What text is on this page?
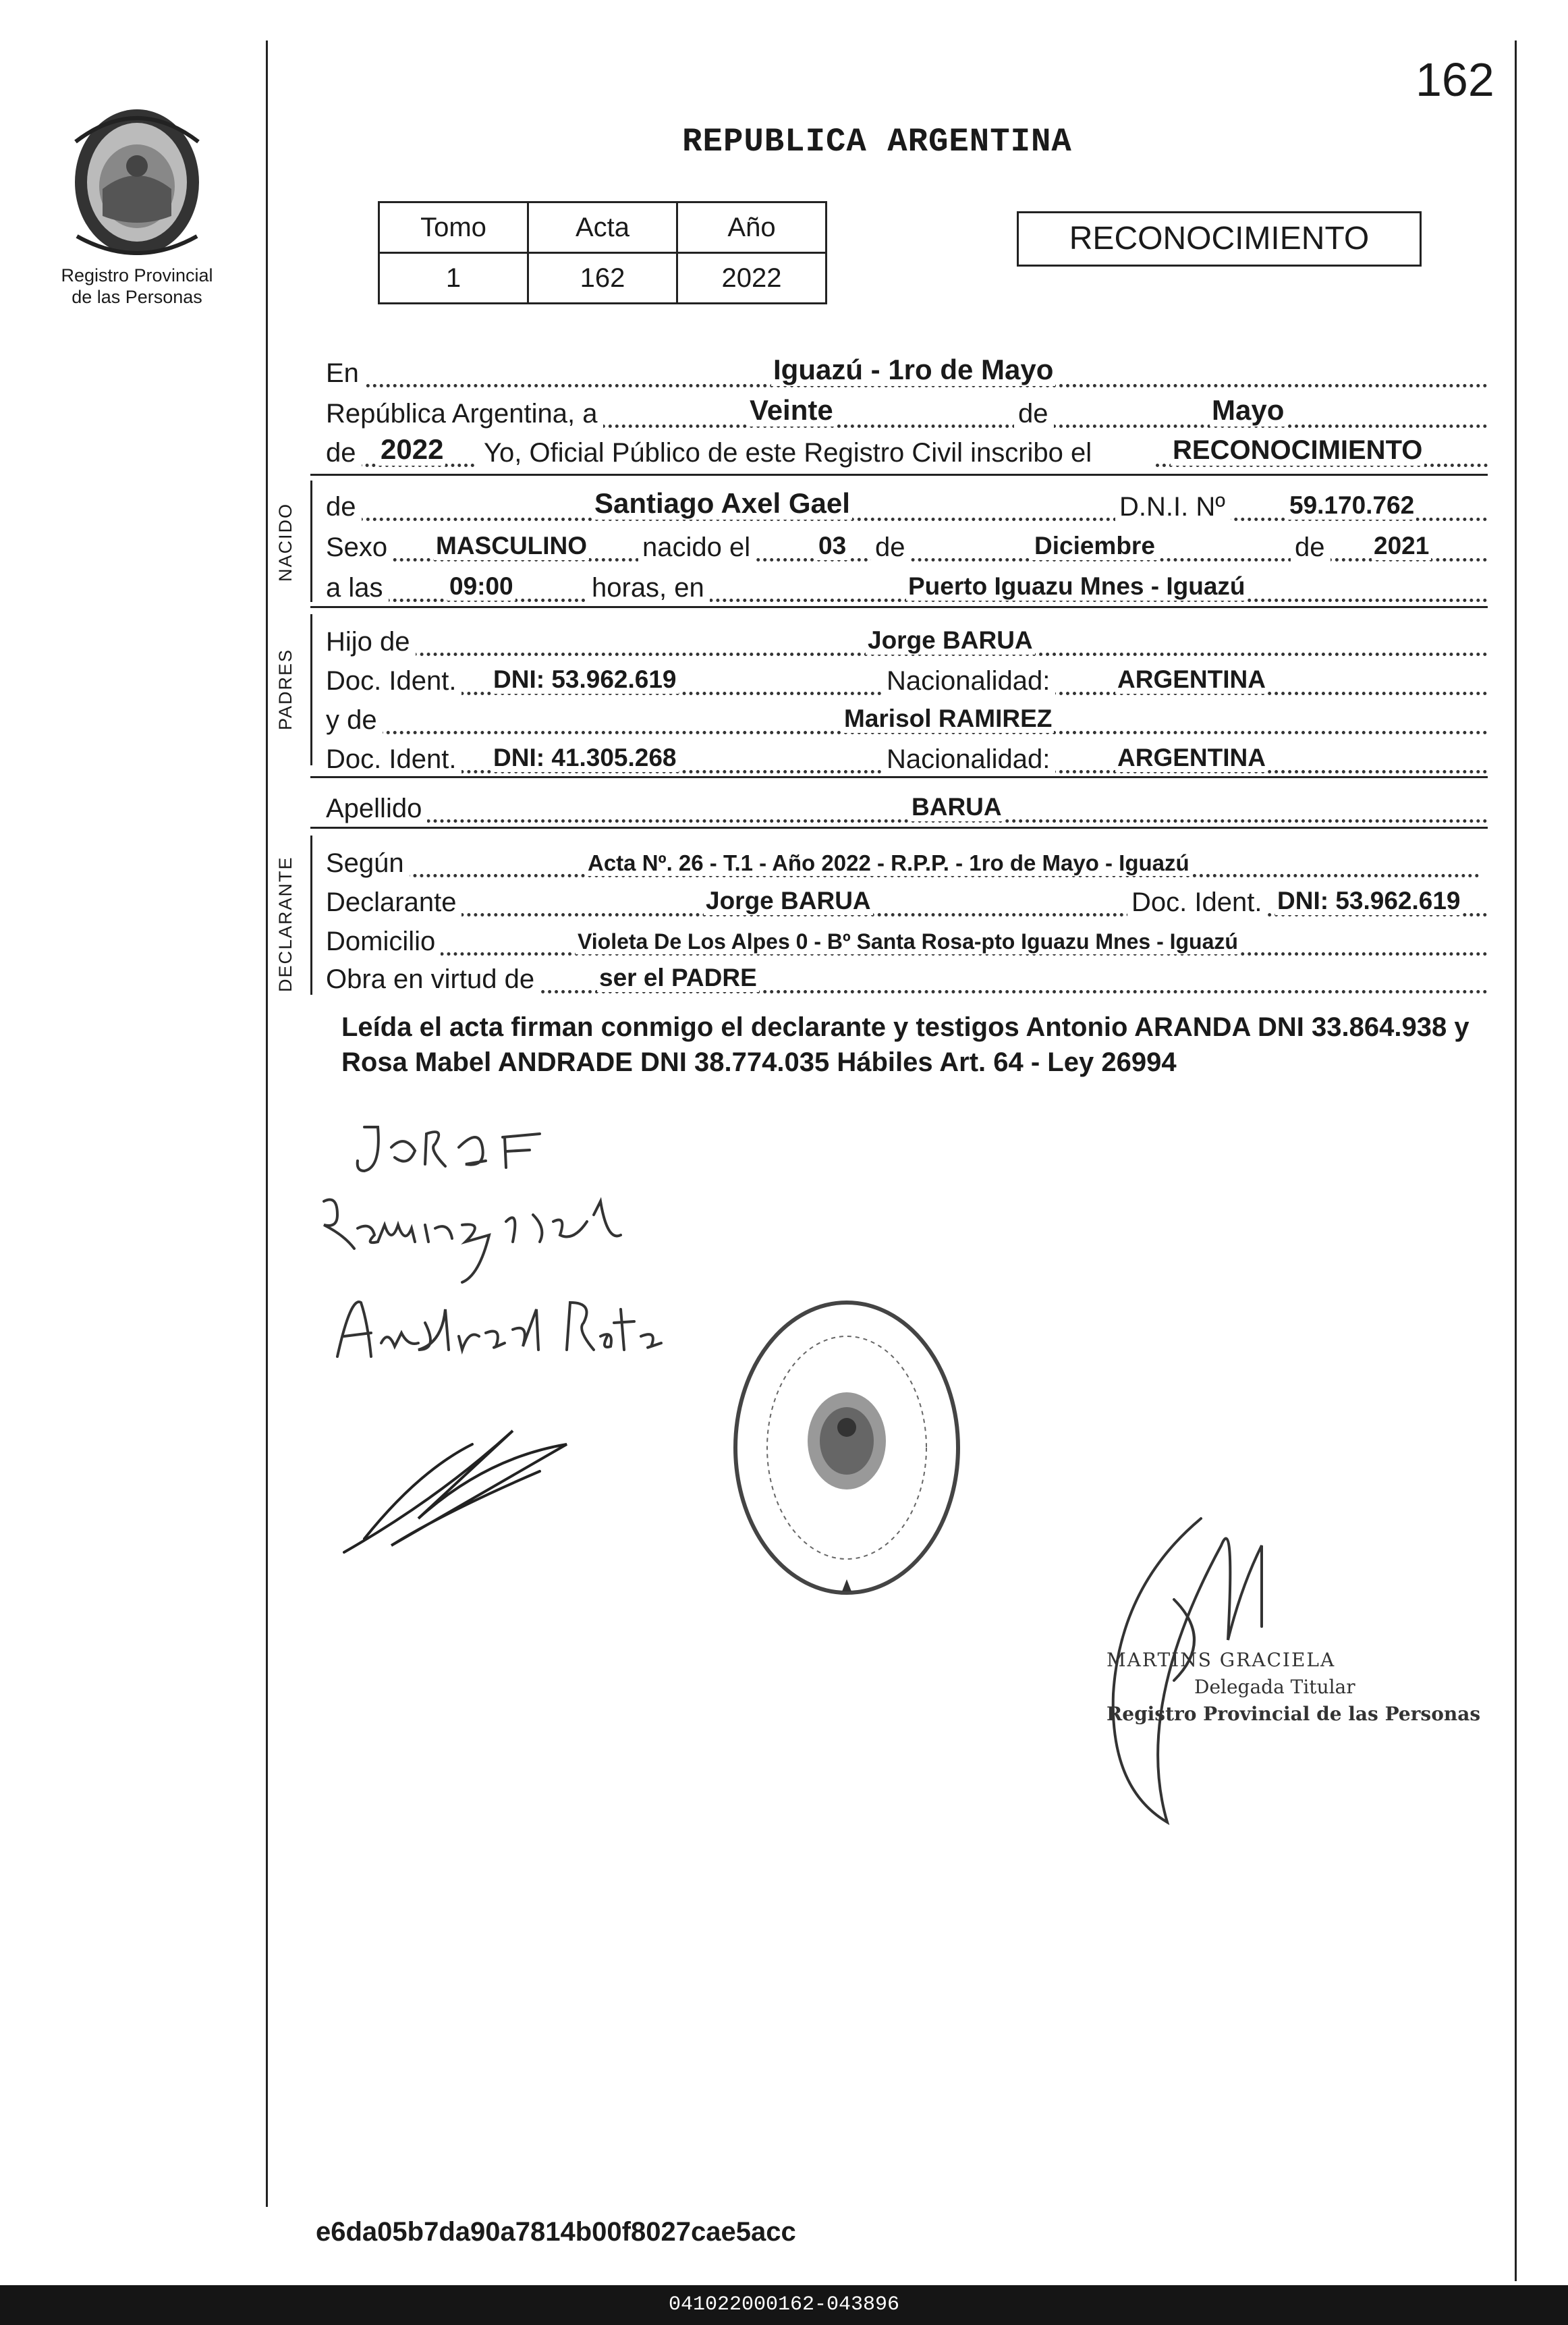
162
Registro Provincial
de las Personas
REPUBLICA ARGENTINA
Tomo	Acta	Año
1	162	2022
RECONOCIMIENTO
En	Iguazú - 1ro de Mayo
República Argentina, a	Veinte	de	Mayo
de 2022 Yo, Oficial Público de este Registro Civil inscribo el	RECONOCIMIENTO
NACIDO
PADRES
DECLARANTE
de	Santiago Axel Gael	D.N.I. Nº	59.170.762
Sexo MASCULINO nacido el	03 de	Diciembre	de 2021
a las	09:00	horas, en	Puerto Iguazu Mnes - Iguazú
Hijo de	Jorge BARUA
Doc. Ident. DNI: 53.962.619	Nacionalidad:	ARGENTINA
y de	Marisol RAMIREZ
Doc. Ident. DNI: 41.305.268	Nacionalidad:	ARGENTINA
Apellido	BARUA
Según	Acta Nº. 26 - T.1 - Año 2022 - R.P.P. - 1ro de Mayo - Iguazú
Declarante	Jorge BARUA	Doc. Ident. DNI: 53.962.619
Domicilio	Violeta De Los Alpes 0 - Bº Santa Rosa-pto Iguazu Mnes - Iguazú
Obra en virtud de	ser el PADRE
Leída el acta firman conmigo el declarante y testigos Antonio ARANDA DNI 33.864.938 y Rosa Mabel ANDRADE DNI 38.774.035 Hábiles Art. 64 - Ley 26994
MARTINS GRACIELA
Delegada Titular
Registro Provincial de las Personas
e6da05b7da90a7814b00f8027cae5acc
041022000162-043896
